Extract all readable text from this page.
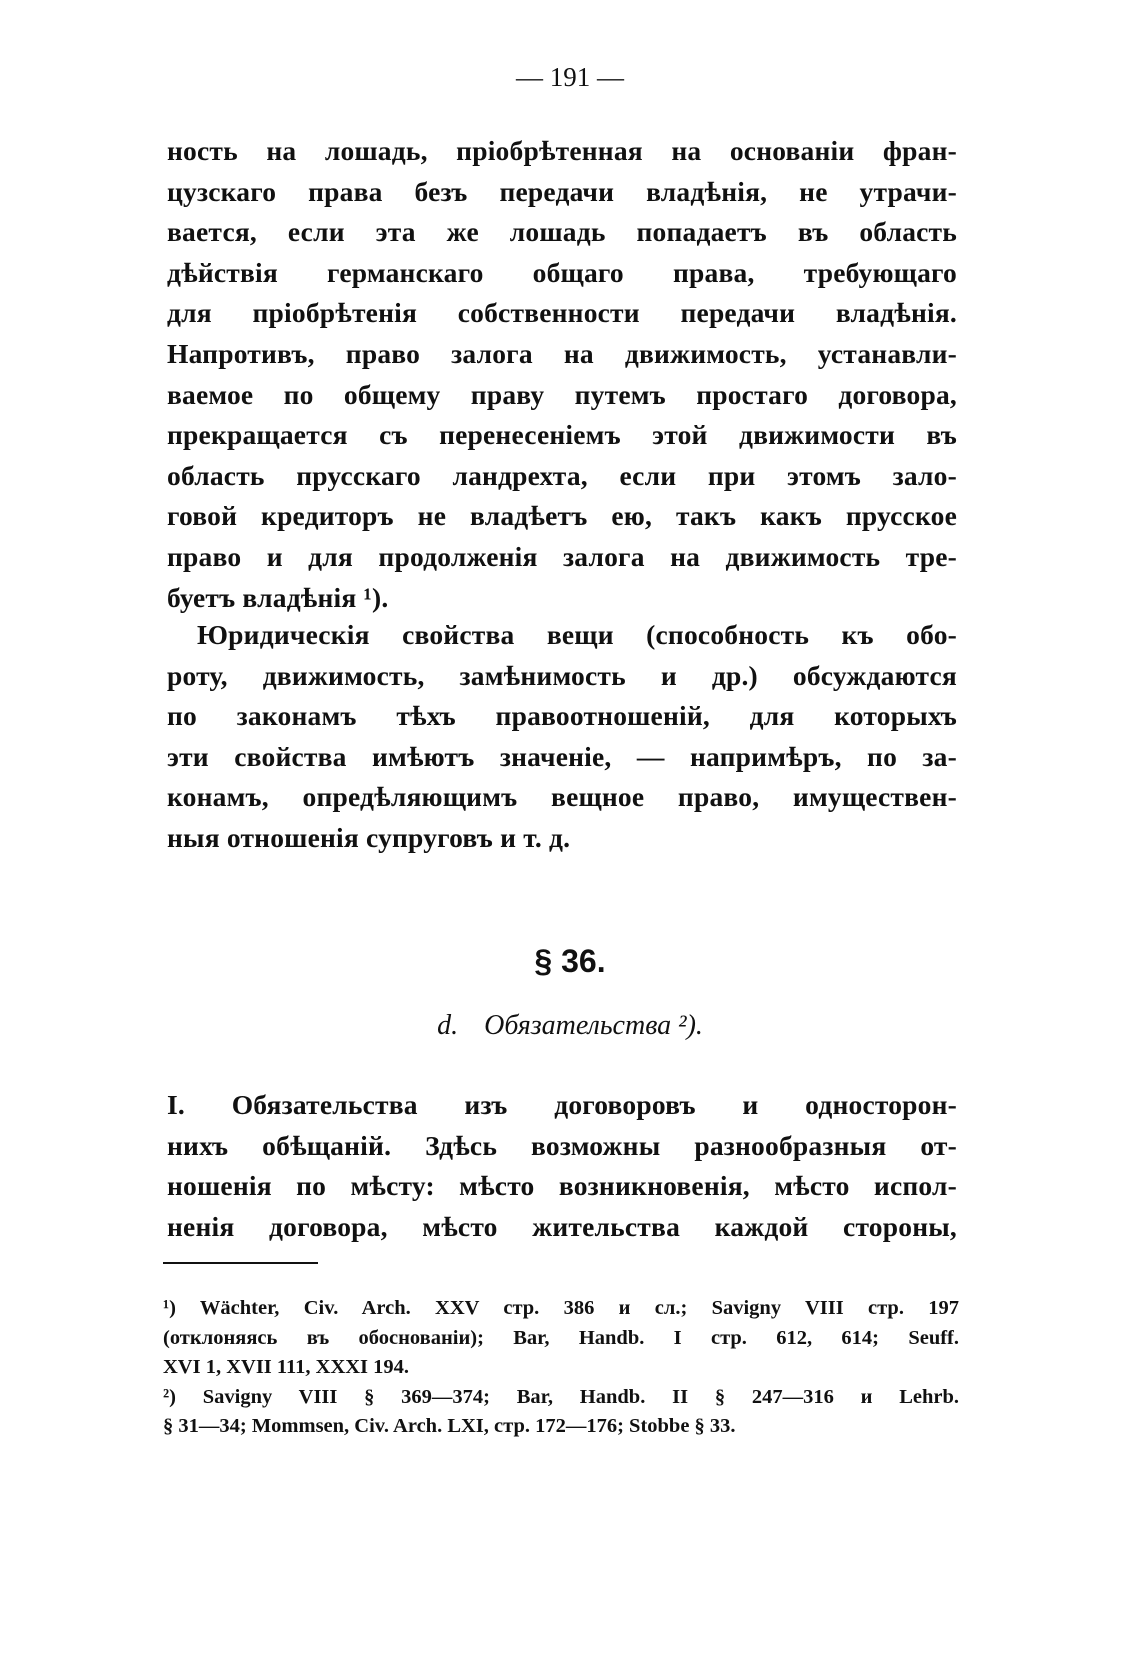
— 191 —
ность на лошадь, пріобрѣтенная на основаніи фран-
цузскаго права безъ передачи владѣнія, не утрачи-
вается, если эта же лошадь попадаетъ въ область
дѣйствія германскаго общаго права, требующаго
для пріобрѣтенія собственности передачи владѣнія.
Напротивъ, право залога на движимость, устанавли-
ваемое по общему праву путемъ простаго договора,
прекращается съ перенесеніемъ этой движимости въ
область прусскаго ландрехта, если при этомъ зало-
говой кредиторъ не владѣетъ ею, такъ какъ прусское
право и для продолженія залога на движимость тре-
буетъ владѣнія ¹).
Юридическія свойства вещи (способность къ обо-
роту, движимость, замѣнимость и др.) обсуждаются
по законамъ тѣхъ правоотношеній, для которыхъ
эти свойства имѣютъ значеніе, — напримѣръ, по за-
конамъ, опредѣляющимъ вещное право, имуществен-
ныя отношенія супруговъ и т. д.
§ 36.
d. Обязательства ²).
I. Обязательства изъ договоровъ и односторон-
нихъ обѣщаній. Здѣсь возможны разнообразныя от-
ношенія по мѣсту: мѣсто возникновенія, мѣсто испол-
ненія договора, мѣсто жительства каждой стороны,
¹) Wächter, Civ. Arch. XXV стр. 386 и сл.; Savigny VIII стр. 197
(отклоняясь въ обоснованіи); Bar, Handb. I стр. 612, 614; Seuff.
XVI 1, XVII 111, XXXI 194.
²) Savigny VIII § 369—374; Bar, Handb. II § 247—316 и Lehrb.
§ 31—34; Mommsen, Civ. Arch. LXI, стр. 172—176; Stobbe § 33.
